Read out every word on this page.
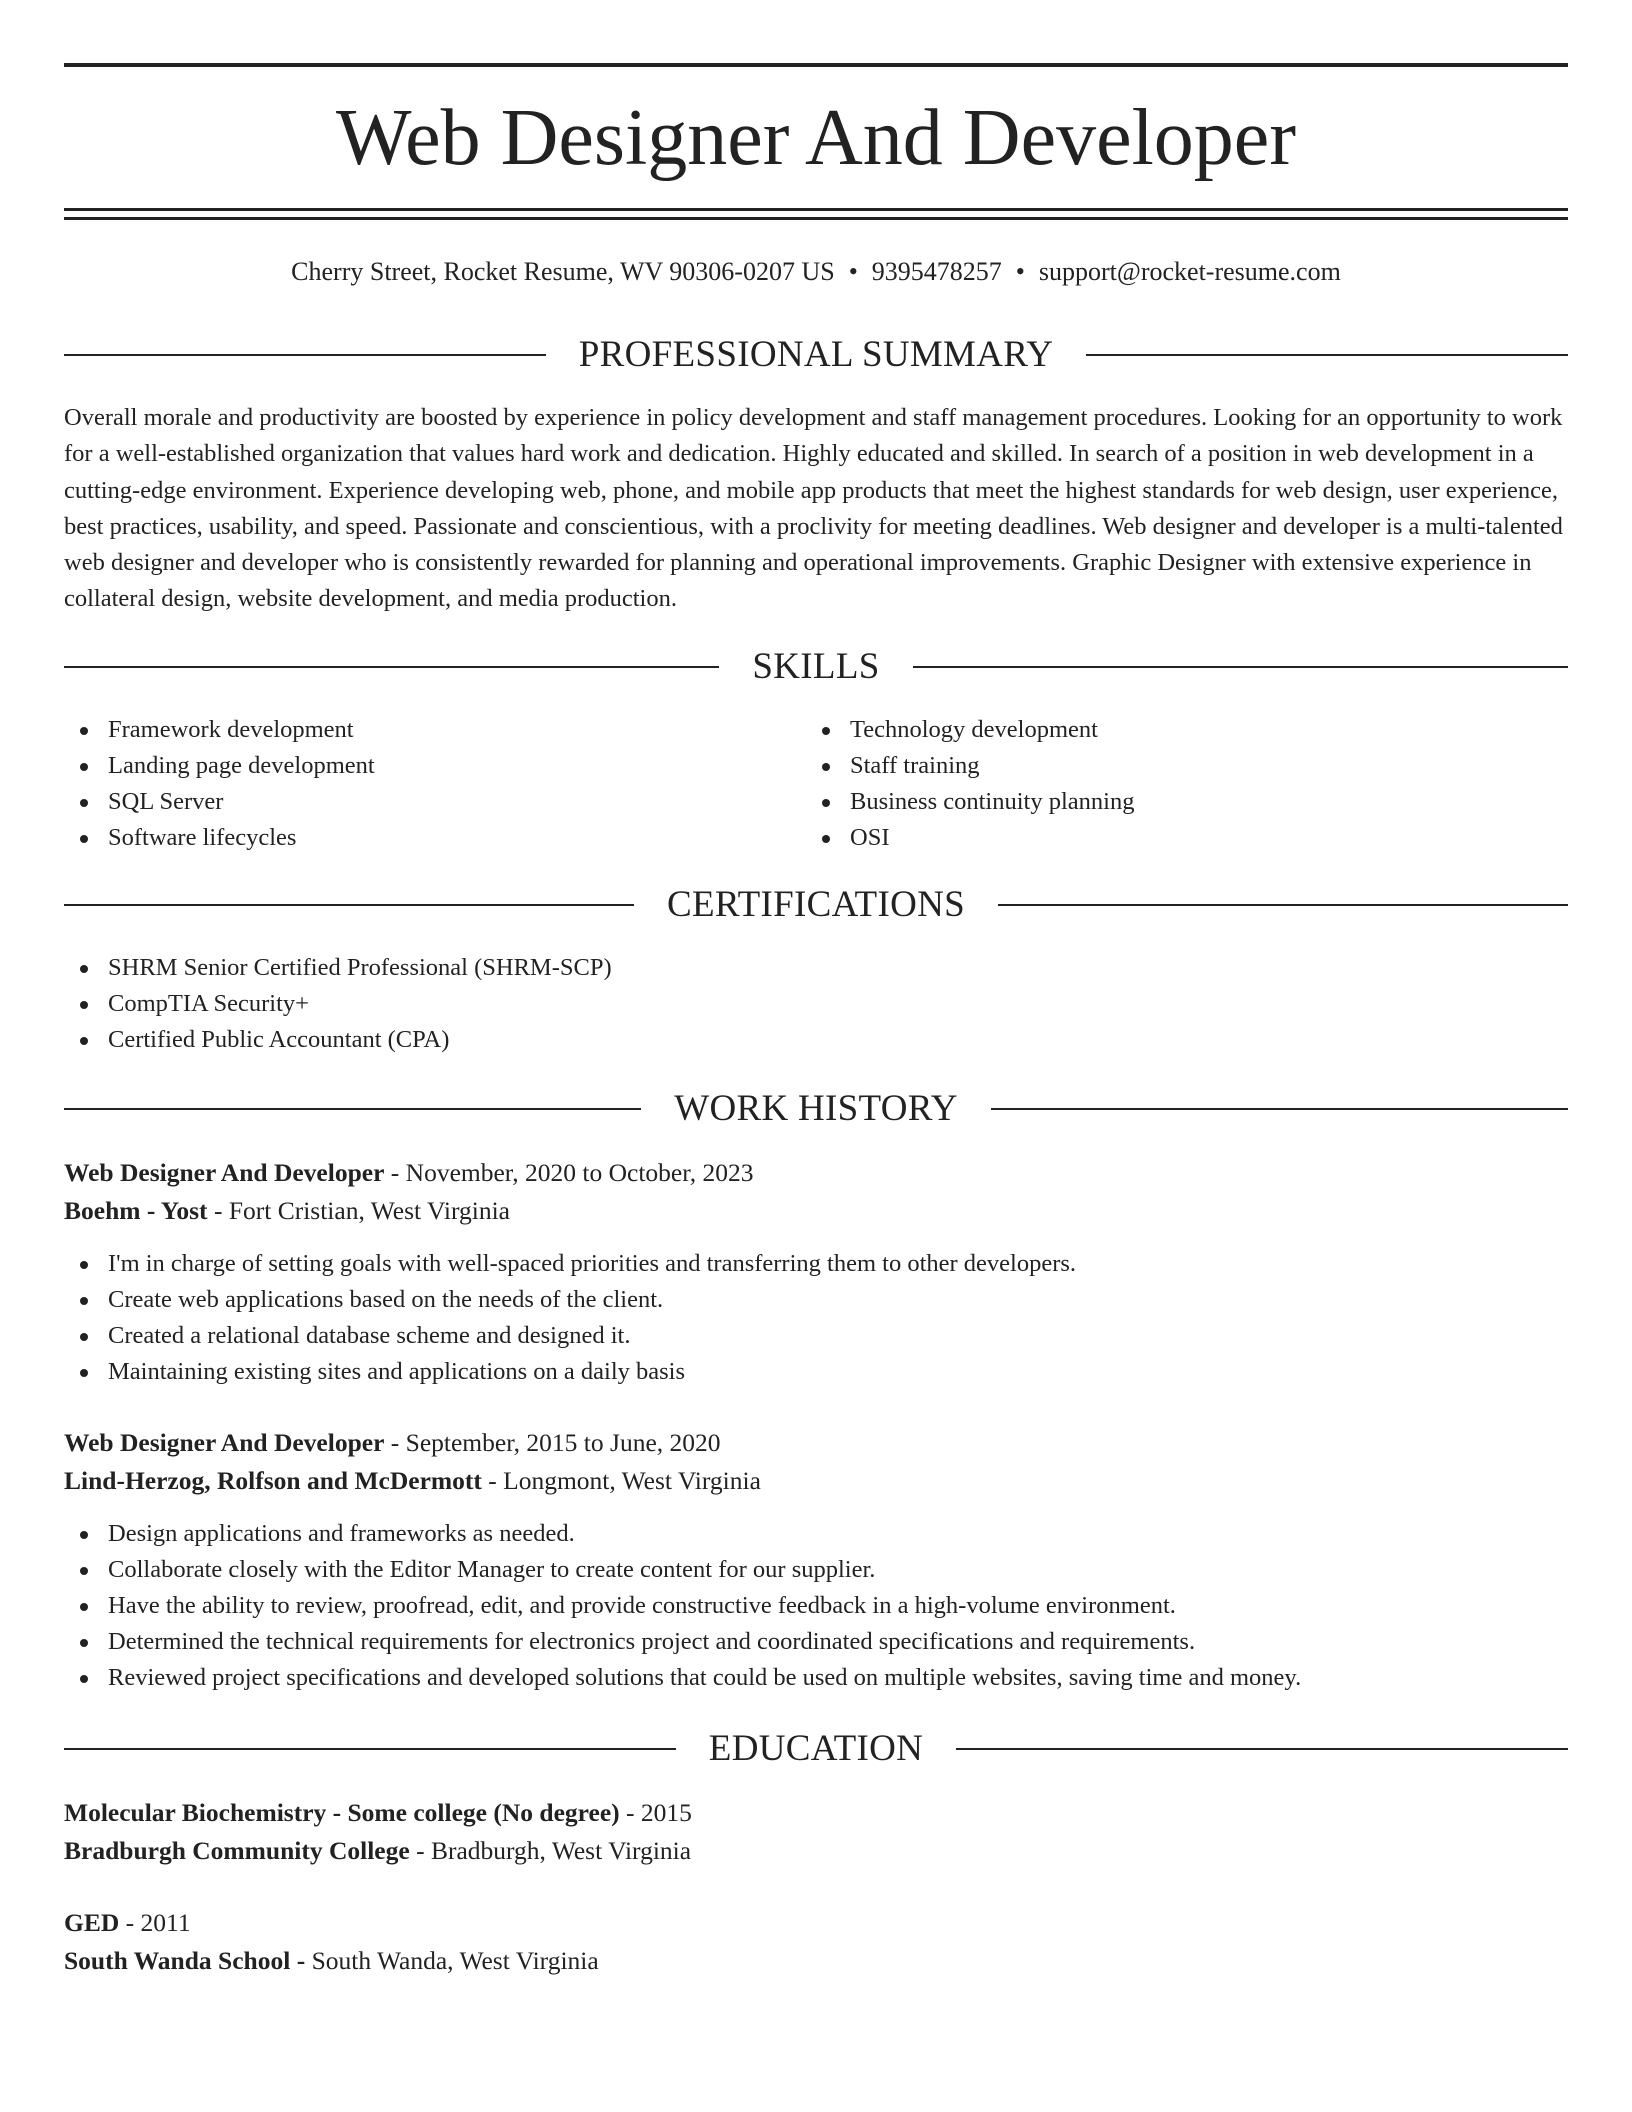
Web Designer And Developer
Cherry Street, Rocket Resume, WV 90306-0207 US • 9395478257 • support@rocket-resume.com
PROFESSIONAL SUMMARY

Overall morale and productivity are boosted by experience in policy development and staff management procedures. Looking for an opportunity to work for a well-established organization that values hard work and dedication. Highly educated and skilled. In search of a position in web development in a cutting-edge environment. Experience developing web, phone, and mobile app products that meet the highest standards for web design, user experience, best practices, usability, and speed. Passionate and conscientious, with a proclivity for meeting deadlines. Web designer and developer is a multi-talented web designer and developer who is consistently rewarded for planning and operational improvements. Graphic Designer with extensive experience in collateral design, website development, and media production.

SKILLS
Framework development
Landing page development
SQL Server
Software lifecycles
Technology development
Staff training
Business continuity planning
OSI
CERTIFICATIONS
SHRM Senior Certified Professional (SHRM-SCP)
CompTIA Security+
Certified Public Accountant (CPA)
WORK HISTORY
Web Designer And Developer - November, 2020 to October, 2023
Boehm - Yost - Fort Cristian, West Virginia
I'm in charge of setting goals with well-spaced priorities and transferring them to other developers.
Create web applications based on the needs of the client.
Created a relational database scheme and designed it.
Maintaining existing sites and applications on a daily basis
Web Designer And Developer - September, 2015 to June, 2020
Lind-Herzog, Rolfson and McDermott - Longmont, West Virginia
Design applications and frameworks as needed.
Collaborate closely with the Editor Manager to create content for our supplier.
Have the ability to review, proofread, edit, and provide constructive feedback in a high-volume environment.
Determined the technical requirements for electronics project and coordinated specifications and requirements.
Reviewed project specifications and developed solutions that could be used on multiple websites, saving time and money.
EDUCATION
Molecular Biochemistry - Some college (No degree) - 2015
Bradburgh Community College - Bradburgh, West Virginia
GED - 2011
South Wanda School - South Wanda, West Virginia
